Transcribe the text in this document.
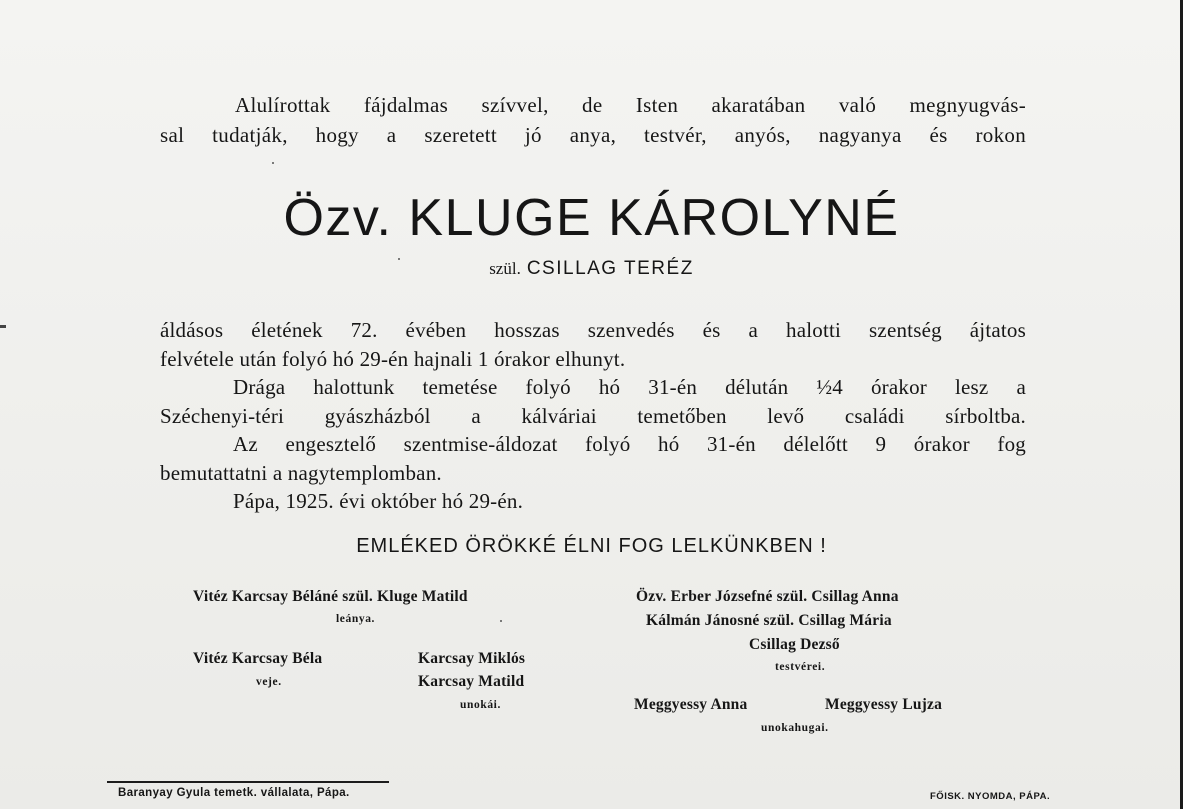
Alulírottak fájdalmas szívvel, de Isten akaratában való megnyugvás-
sal tudatják, hogy a szeretett jó anya, testvér, anyós, nagyanya és rokon
Özv. KLUGE KÁROLYNÉ
szül. CSILLAG TERÉZ
áldásos életének 72. évében hosszas szenvedés és a halotti szentség ájtatos
felvétele után folyó hó 29-én hajnali 1 órakor elhunyt.
Drága halottunk temetése folyó hó 31-én délután ½4 órakor lesz a
Széchenyi-téri gyászházból a kálváriai temetőben levő családi sírboltba.
Az engesztelő szentmise-áldozat folyó hó 31-én délelőtt 9 órakor fog
bemutattatni a nagytemplomban.
Pápa, 1925. évi október hó 29-én.
EMLÉKED ÖRÖKKÉ ÉLNI FOG LELKÜNKBEN !
Vitéz Karcsay Béláné szül. Kluge Matild
leánya.
Vitéz Karcsay Béla
veje.
Karcsay Miklós
Karcsay Matild
unokái.
Özv. Erber Józsefné szül. Csillag Anna
Kálmán Jánosné szül. Csillag Mária
Csillag Dezső
testvérei.
Meggyessy Anna	Meggyessy Lujza
unokahugai.
Baranyay Gyula temetk. vállalata, Pápa.	FŐISK. NYOMDA, PÁPA.
